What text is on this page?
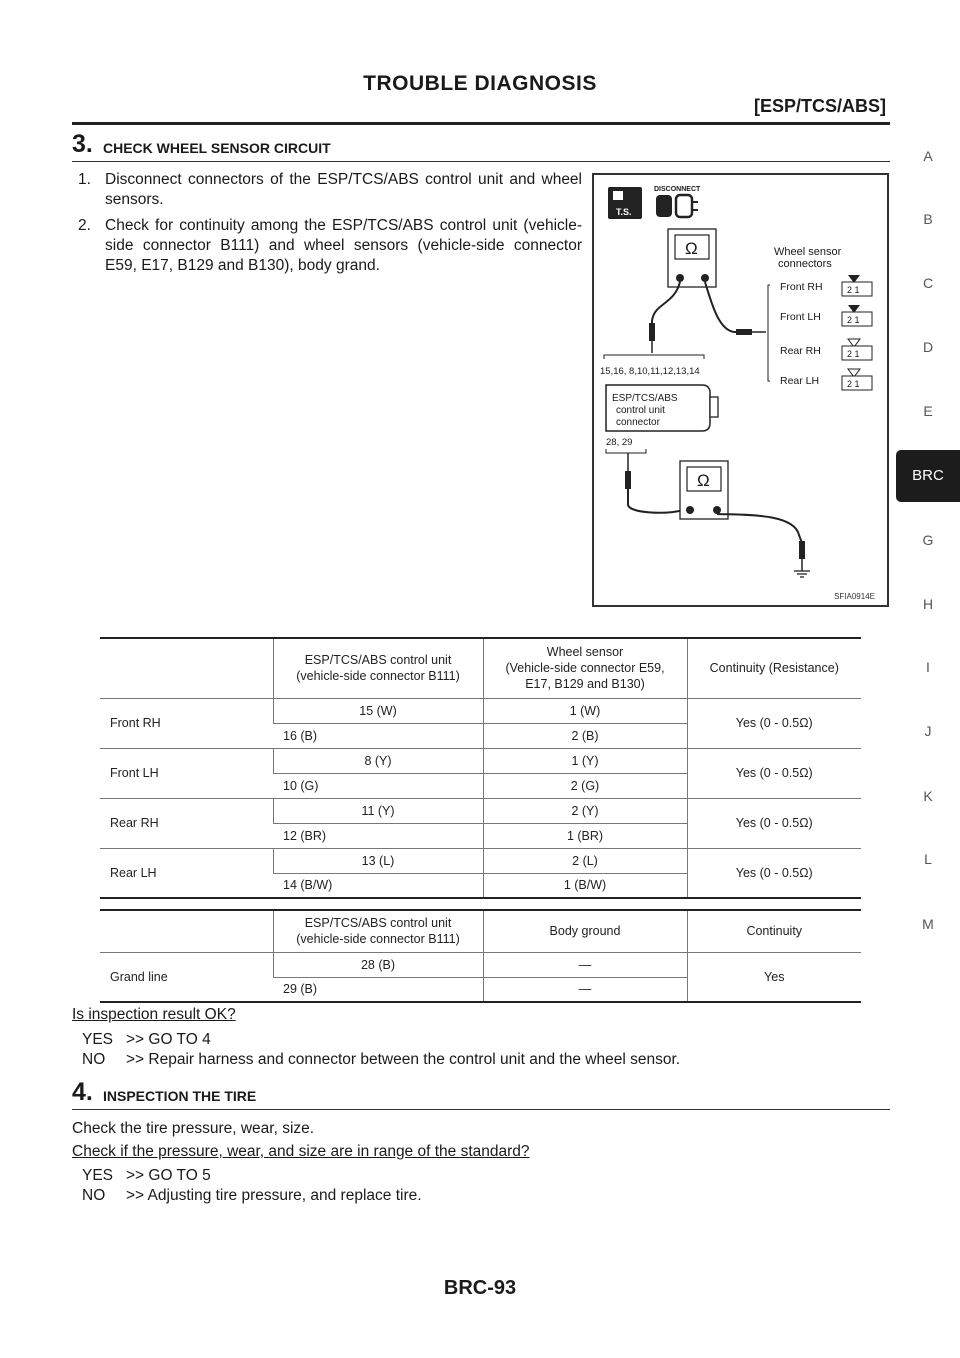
TROUBLE DIAGNOSIS
[ESP/TCS/ABS]
A
B
C
D
E
BRC
G
H
I
J
K
L
M
3. CHECK WHEEL SENSOR CIRCUIT
1. Disconnect connectors of the ESP/TCS/ABS control unit and wheel sensors.
2. Check for continuity among the ESP/TCS/ABS control unit (vehicle-side connector B111) and wheel sensors (vehicle-side connector E59, E17, B129 and B130), body grand.
T.S.
DISCONNECT
Ω	Wheel sensor
connectors
Front RH
Front LH
Rear RH
Rear LH
2 1
2 1
2 1
2 1
15,16, 8,10,11,12,13,14
ESP/TCS/ABS
control unit
connector
28, 29
Ω
SFIA0914E
	ESP/TCS/ABS control unit
(vehicle-side connector B111)	Wheel sensor
(Vehicle-side connector E59,
E17, B129 and B130)	Continuity (Resistance)
Front RH	15 (W)	1 (W)	Yes (0 - 0.5Ω)
	16 (B)	2 (B)	
Front LH	8 (Y)	1 (Y)	Yes (0 - 0.5Ω)
	10 (G)	2 (G)	
Rear RH	11 (Y)	2 (Y)	Yes (0 - 0.5Ω)
	12 (BR)	1 (BR)	
Rear LH	13 (L)	2 (L)	Yes (0 - 0.5Ω)
	14 (B/W)	1 (B/W)	
	ESP/TCS/ABS control unit
(vehicle-side connector B111)	Body ground	Continuity
Grand line	28 (B)	—	Yes
	29 (B)	—	
Is inspection result OK?
YES >> GO TO 4
NO >> Repair harness and connector between the control unit and the wheel sensor.
4. INSPECTION THE TIRE
Check the tire pressure, wear, size.
Check if the pressure, wear, and size are in range of the standard?
YES >> GO TO 5
NO >> Adjusting tire pressure, and replace tire.
BRC-93
